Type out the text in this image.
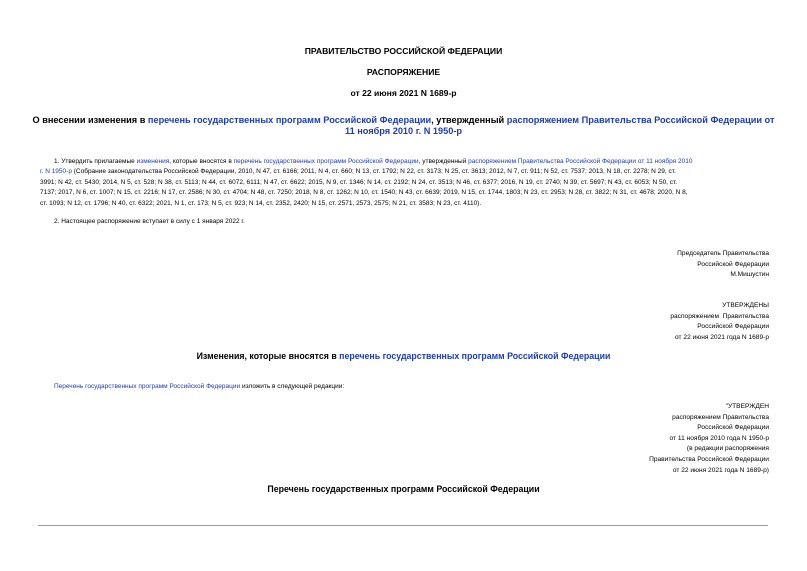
ПРАВИТЕЛЬСТВО РОССИЙСКОЙ ФЕДЕРАЦИИ
РАСПОРЯЖЕНИЕ
от 22 июня 2021 N 1689-р
О внесении изменения в перечень государственных программ Российской Федерации, утвержденный распоряжением Правительства Российской Федерации от
11 ноября 2010 г. N 1950-р
1. Утвердить прилагаемые изменения, которые вносятся в перечень государственных программ Российской Федерации, утвержденный распоряжением Правительства Российской Федерации от 11 ноября 2010
г. N 1950-р (Собрание законодательства Российской Федерации, 2010, N 47, ст. 6166; 2011, N 4, ст. 660; N 13, ст. 1792; N 22, ст. 3173; N 25, ст. 3613; 2012, N 7, ст. 911; N 52, ст. 7537; 2013, N 18, ст. 2278; N 29, ст.
3991; N 42, ст. 5430; 2014, N 5, ст. 528; N 38, ст. 5113; N 44, ст. 6072, 6111; N 47, ст. 6622; 2015, N 9, ст. 1346; N 14, ст. 2192; N 24, ст. 3513; N 46, ст. 6377; 2016, N 19, ст. 2740; N 39, ст. 5697; N 43, ст. 6053; N 50, ст.
7137; 2017, N 6, ст. 1007; N 15, ст. 2216; N 17, ст. 2586; N 30, ст. 4704; N 48, ст. 7250; 2018, N 8, ст. 1262; N 10, ст. 1540; N 43, ст. 6639; 2019, N 15, ст. 1744, 1803; N 23, ст. 2953; N 28, ст. 3822; N 31, ст. 4678; 2020, N 8,
ст. 1093; N 12, ст. 1796; N 40, ст. 6322; 2021, N 1, ст. 173; N 5, ст. 923; N 14, ст. 2352, 2420; N 15, ст. 2571, 2573, 2575; N 21, ст. 3583; N 23, ст. 4110).
2. Настоящее распоряжение вступает в силу с 1 января 2022 г.
Председатель Правительства
Российской Федерации
М.Мишустин
УТВЕРЖДЕНЫ
распоряжением  Правительства
Российской Федерации
от 22 июня 2021 года N 1689-р
Изменения, которые вносятся в перечень государственных программ Российской Федерации
Перечень государственных программ Российской Федерации изложить в следующей редакции:
"УТВЕРЖДЕН
распоряжением Правительства
Российской Федерации
от 11 ноября 2010 года N 1950-р
(в редакции распоряжения
Правительства Российской Федерации
от 22 июня 2021 года N 1689-р)
Перечень государственных программ Российской Федерации
